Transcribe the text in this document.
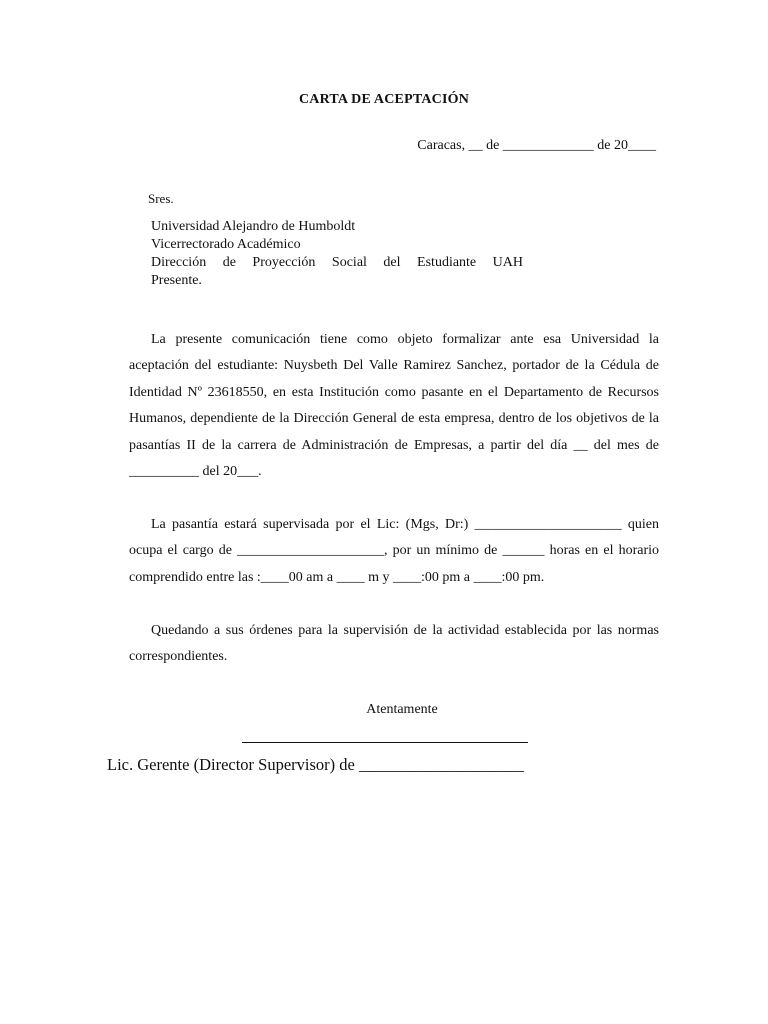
CARTA DE ACEPTACIÓN
Caracas, __ de _____________ de 20____
Sres.
Universidad Alejandro de Humboldt
Vicerrectorado Académico
Dirección de Proyección Social del Estudiante UAH
Presente.
La presente comunicación tiene como objeto formalizar ante esa Universidad la aceptación del estudiante: Nuysbeth Del Valle Ramirez Sanchez, portador de la Cédula de Identidad Nº 23618550, en esta Institución como pasante en el Departamento de Recursos Humanos, dependiente de la Dirección General de esta empresa, dentro de los objetivos de la pasantías II de la carrera de Administración de Empresas, a partir del día __ del mes de __________ del 20___.
La pasantía estará supervisada por el Lic: (Mgs, Dr:) _____________________ quien ocupa el cargo de _____________________, por un mínimo de ______ horas en el horario comprendido entre las :____00 am a ____ m y ____:00 pm a ____:00 pm.
Quedando a sus órdenes para la supervisión de la actividad establecida por las normas correspondientes.
Atentamente
Lic. Gerente (Director Supervisor) de ____________________
